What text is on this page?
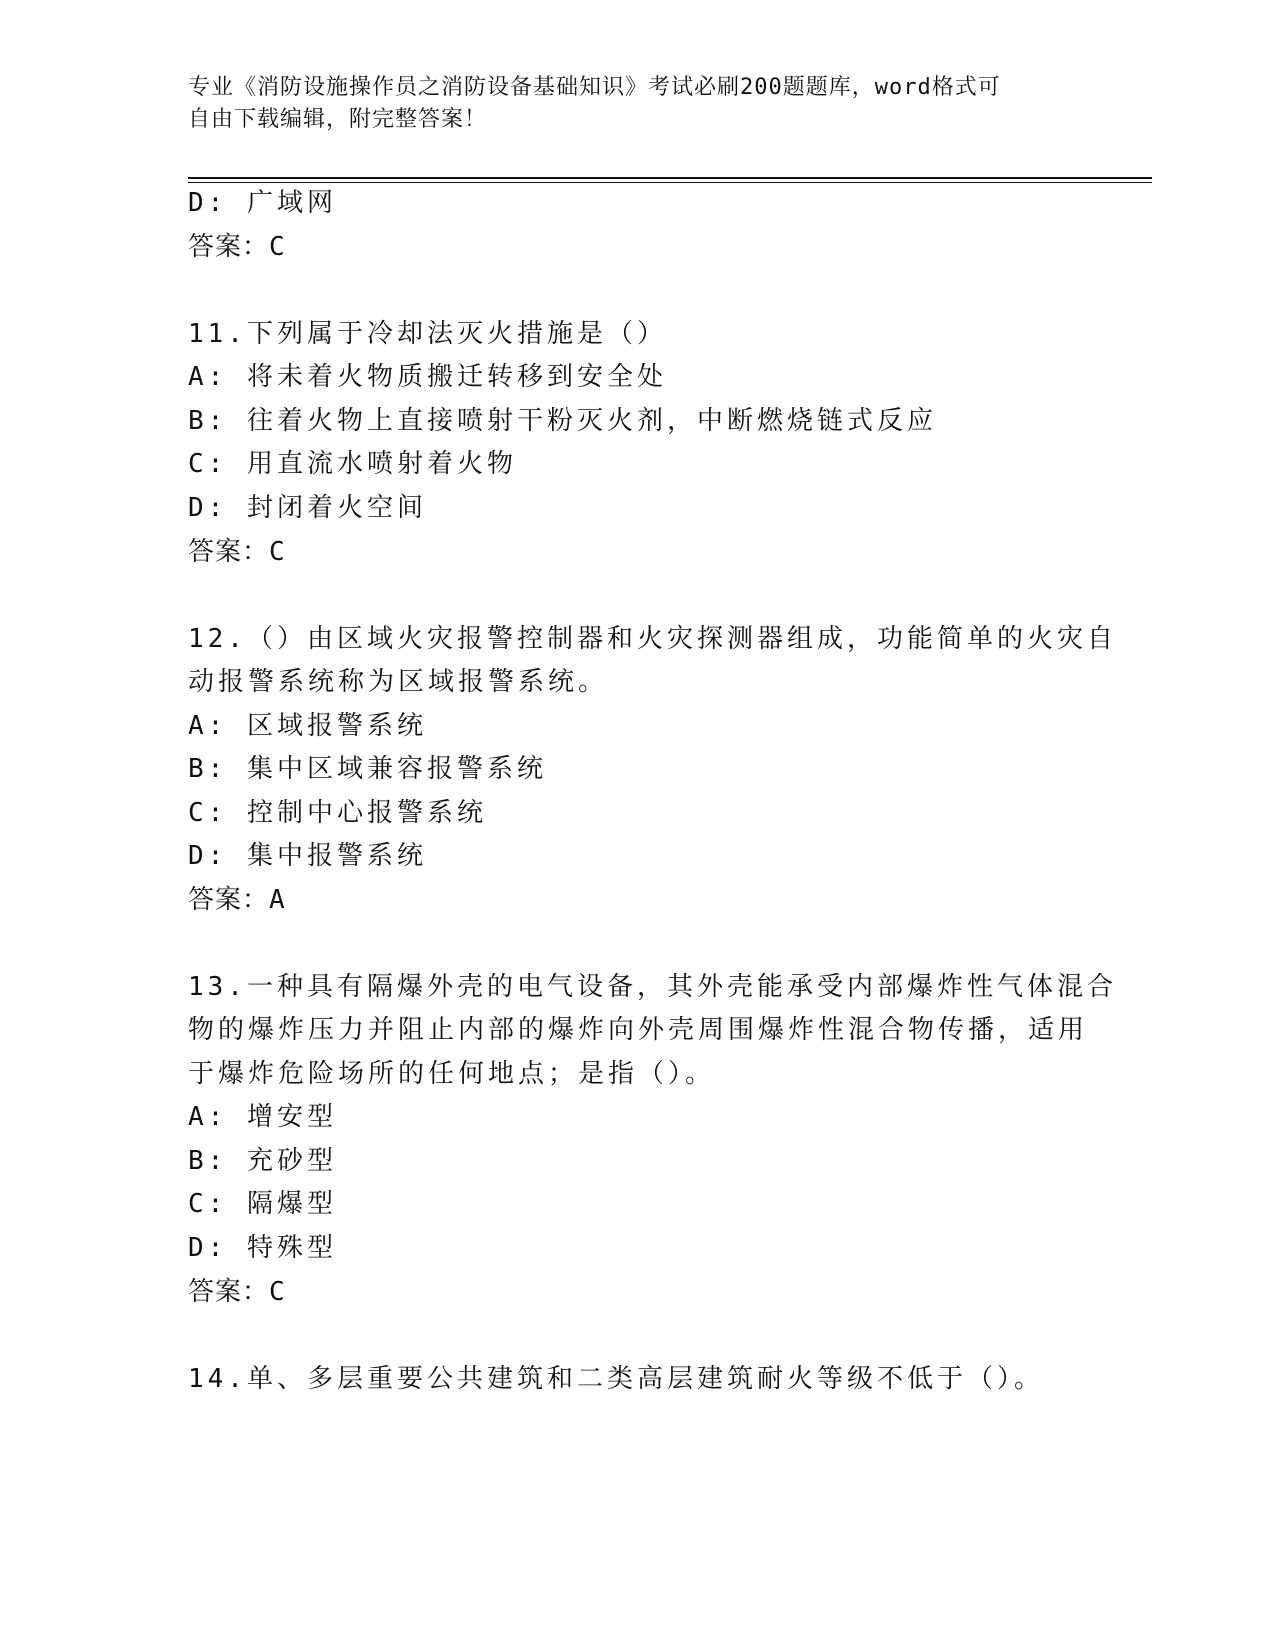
专业《消防设施操作员之消防设备基础知识》考试必刷200题题库，word格式可
自由下载编辑，附完整答案！
D: 广域网
答案：C
11.下列属于冷却法灭火措施是（）
A: 将未着火物质搬迁转移到安全处
B: 往着火物上直接喷射干粉灭火剂，中断燃烧链式反应
C: 用直流水喷射着火物
D: 封闭着火空间
答案：C
12.（）由区域火灾报警控制器和火灾探测器组成，功能简单的火灾自
动报警系统称为区域报警系统。
A: 区域报警系统
B: 集中区域兼容报警系统
C: 控制中心报警系统
D: 集中报警系统
答案：A
13.一种具有隔爆外壳的电气设备，其外壳能承受内部爆炸性气体混合
物的爆炸压力并阻止内部的爆炸向外壳周围爆炸性混合物传播，适用
于爆炸危险场所的任何地点；是指（）。
A: 增安型
B: 充砂型
C: 隔爆型
D: 特殊型
答案：C
14.单、多层重要公共建筑和二类高层建筑耐火等级不低于（）。
